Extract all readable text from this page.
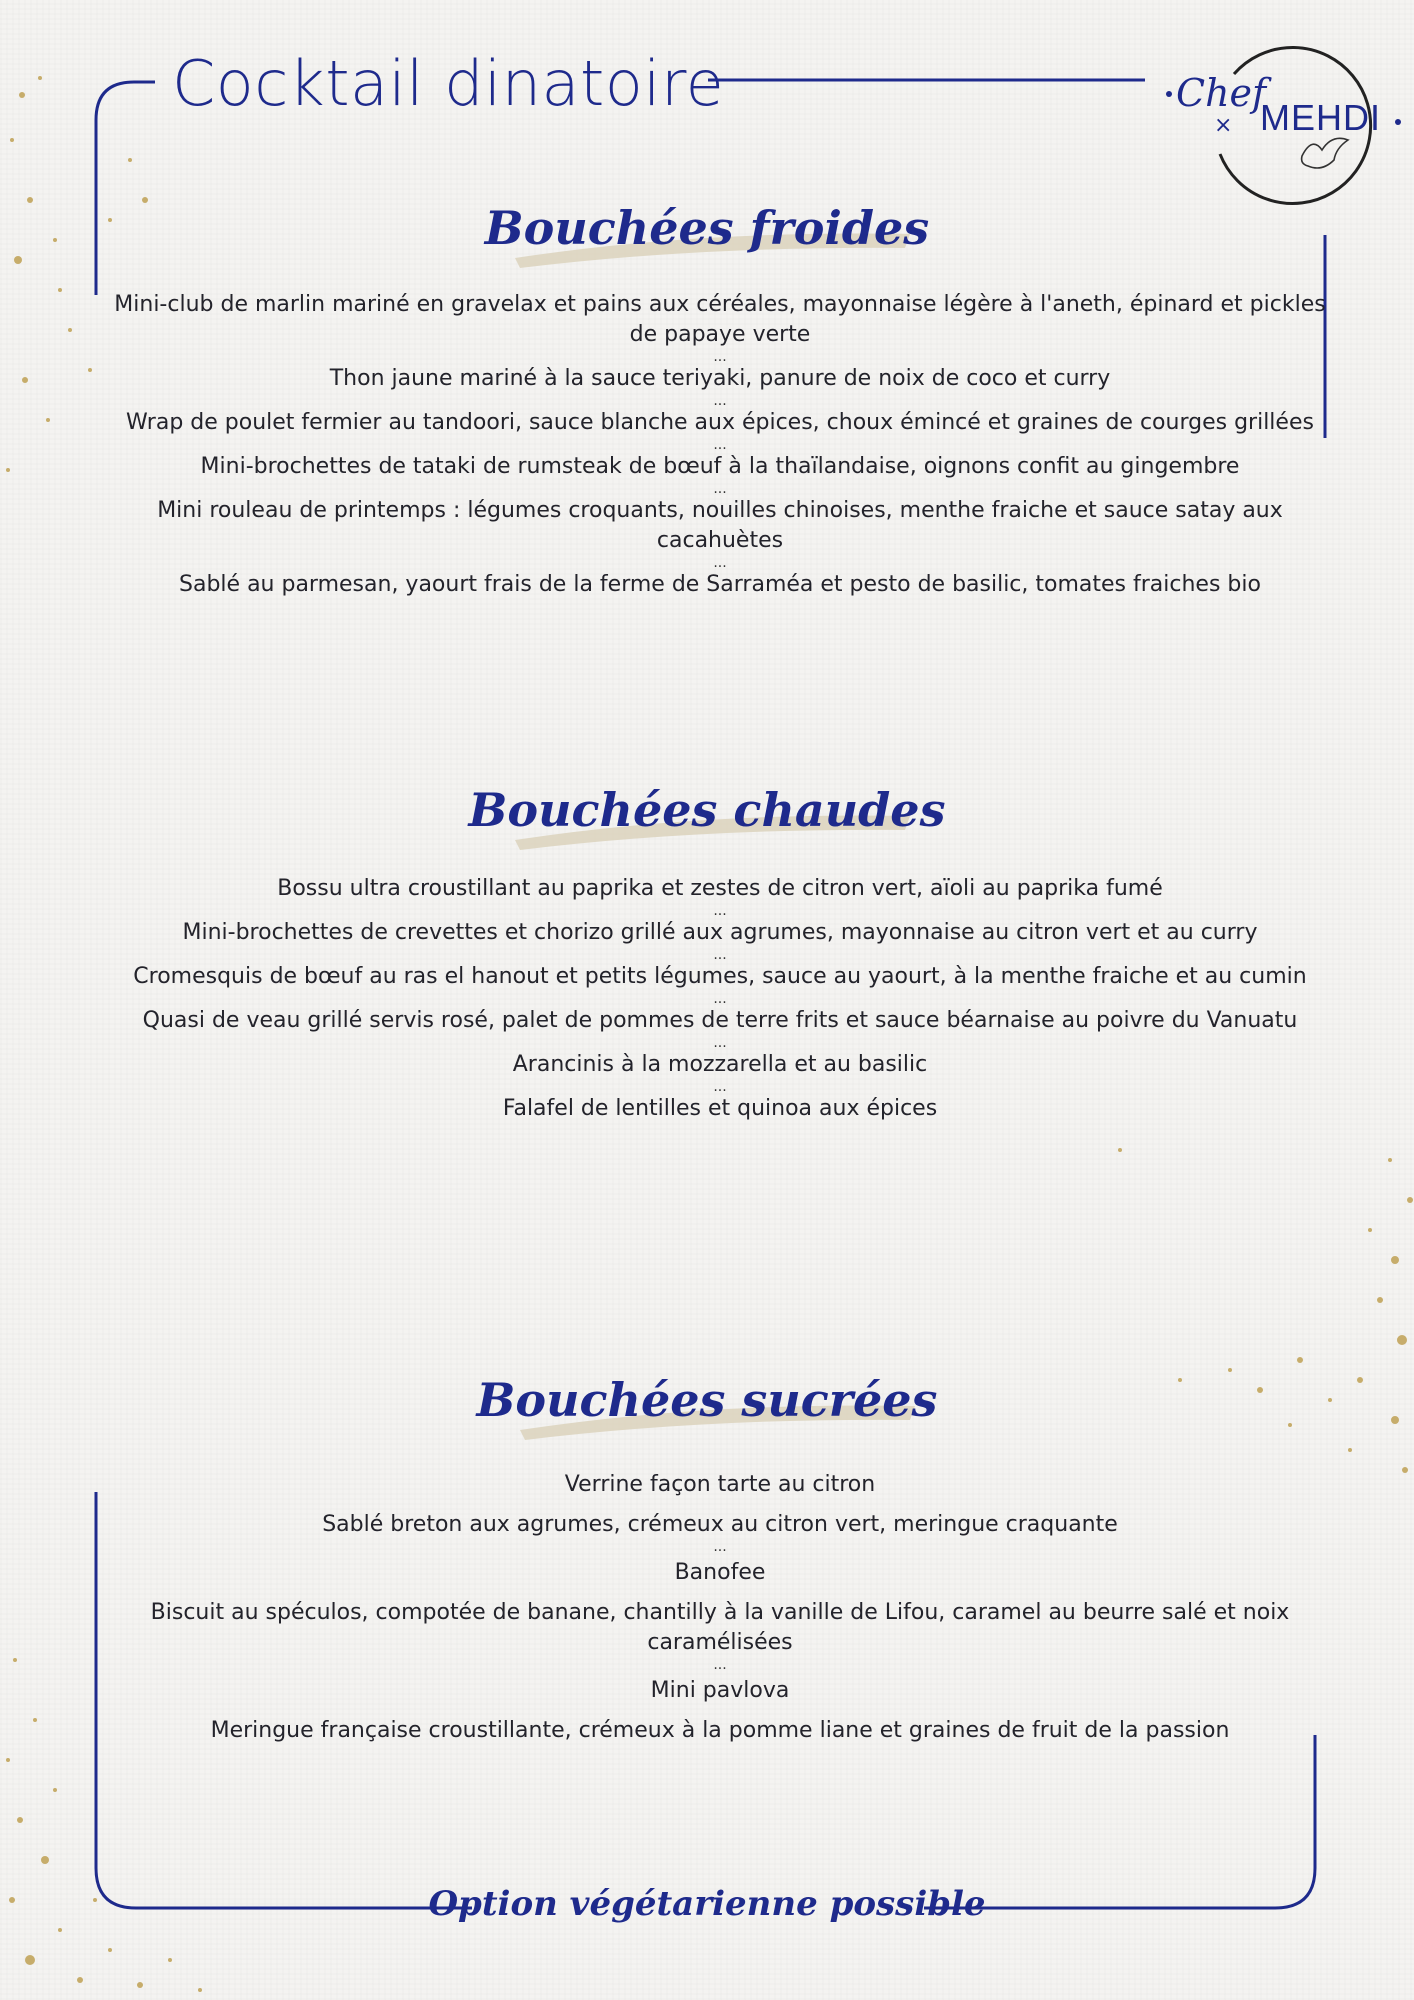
Cocktail dinatoire
×
Chef
MEHDI
Bouchées froides

Mini-club de marlin mariné en gravelax et pains aux céréales, mayonnaise légère à l'aneth, épinard et pickles de papaye verte

...

Thon jaune mariné à la sauce teriyaki, panure de noix de coco et curry

...

Wrap de poulet fermier au tandoori, sauce blanche aux épices, choux émincé et graines de courges grillées

...

Mini-brochettes de tataki de rumsteak de bœuf à la thaïlandaise, oignons confit au gingembre

...

Mini rouleau de printemps : légumes croquants, nouilles chinoises, menthe fraiche et sauce satay aux cacahuètes

...

Sablé au parmesan, yaourt frais de la ferme de Sarraméa et pesto de basilic, tomates fraiches bio

Bouchées chaudes

Bossu ultra croustillant au paprika et zestes de citron vert, aïoli au paprika fumé

...

Mini-brochettes de crevettes et chorizo grillé aux agrumes, mayonnaise au citron vert et au curry

...

Cromesquis de bœuf au ras el hanout et petits légumes, sauce au yaourt, à la menthe fraiche et au cumin

...

Quasi de veau grillé servis rosé, palet de pommes de terre frits et sauce béarnaise au poivre du Vanuatu

...

Arancinis à la mozzarella et au basilic

...

Falafel de lentilles et quinoa aux épices

Bouchées sucrées

Verrine façon tarte au citron

Sablé breton aux agrumes, crémeux au citron vert, meringue craquante

...

Banofee

Biscuit au spéculos, compotée de banane, chantilly à la vanille de Lifou, caramel au beurre salé et noix caramélisées

...

Mini pavlova

Meringue française croustillante, crémeux à la pomme liane et graines de fruit de la passion

Option végétarienne possible
